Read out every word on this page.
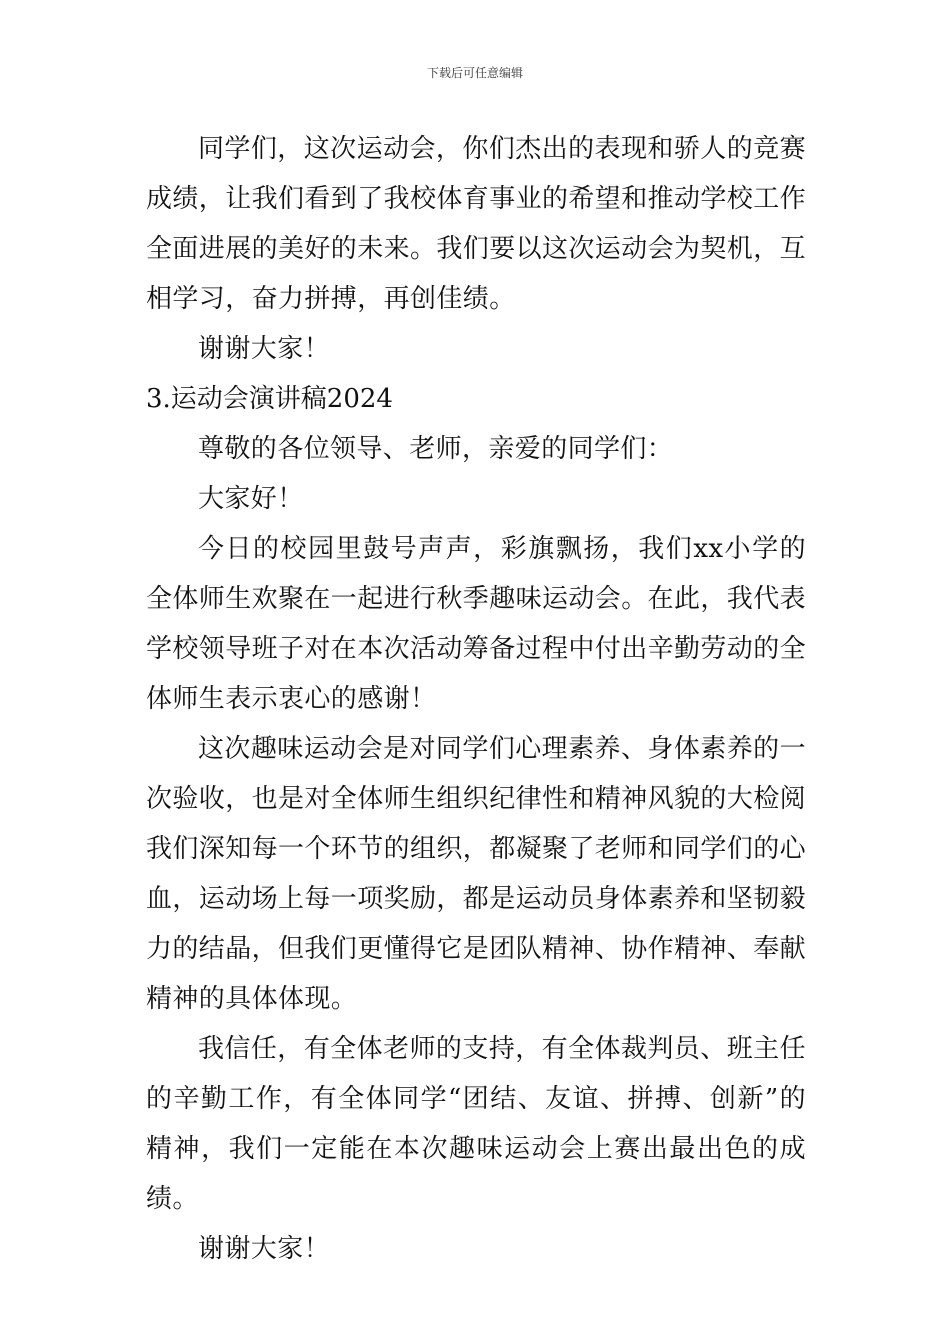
下载后可任意编辑

同学们，这次运动会，你们杰出的表现和骄人的竞赛成绩，让我们看到了我校体育事业的希望和推动学校工作全面进展的美好的未来。我们要以这次运动会为契机，互相学习，奋力拼搏，再创佳绩。

谢谢大家！

3.运动会演讲稿2024

尊敬的各位领导、老师，亲爱的同学们：

大家好！

今日的校园里鼓号声声，彩旗飘扬，我们xx小学的全体师生欢聚在一起进行秋季趣味运动会。在此，我代表学校领导班子对在本次活动筹备过程中付出辛勤劳动的全体师生表示衷心的感谢！

这次趣味运动会是对同学们心理素养、身体素养的一次验收，也是对全体师生组织纪律性和精神风貌的大检阅我们深知每一个环节的组织，都凝聚了老师和同学们的心血，运动场上每一项奖励，都是运动员身体素养和坚韧毅力的结晶，但我们更懂得它是团队精神、协作精神、奉献精神的具体体现。

我信任，有全体老师的支持，有全体裁判员、班主任的辛勤工作，有全体同学“团结、友谊、拼搏、创新”的精神，我们一定能在本次趣味运动会上赛出最出色的成绩。

谢谢大家！
